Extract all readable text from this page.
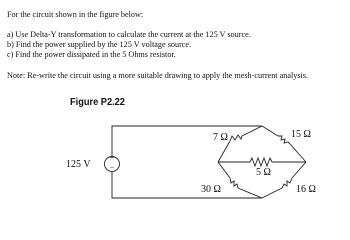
For the circuit shown in the figure below:
a) Use Delta-Y transformation to calculate the current at the 125 V source.
b) Find the power supplied by the 125 V voltage source.
c) Find the power dissipated in the 5 Ohms resistor.
Note: Re-write the circuit using a more suitable drawing to apply the mesh-current analysis.
Figure P2.22
+
−
125 V
7 Ω	15 Ω
5 Ω
30 Ω	16 Ω
